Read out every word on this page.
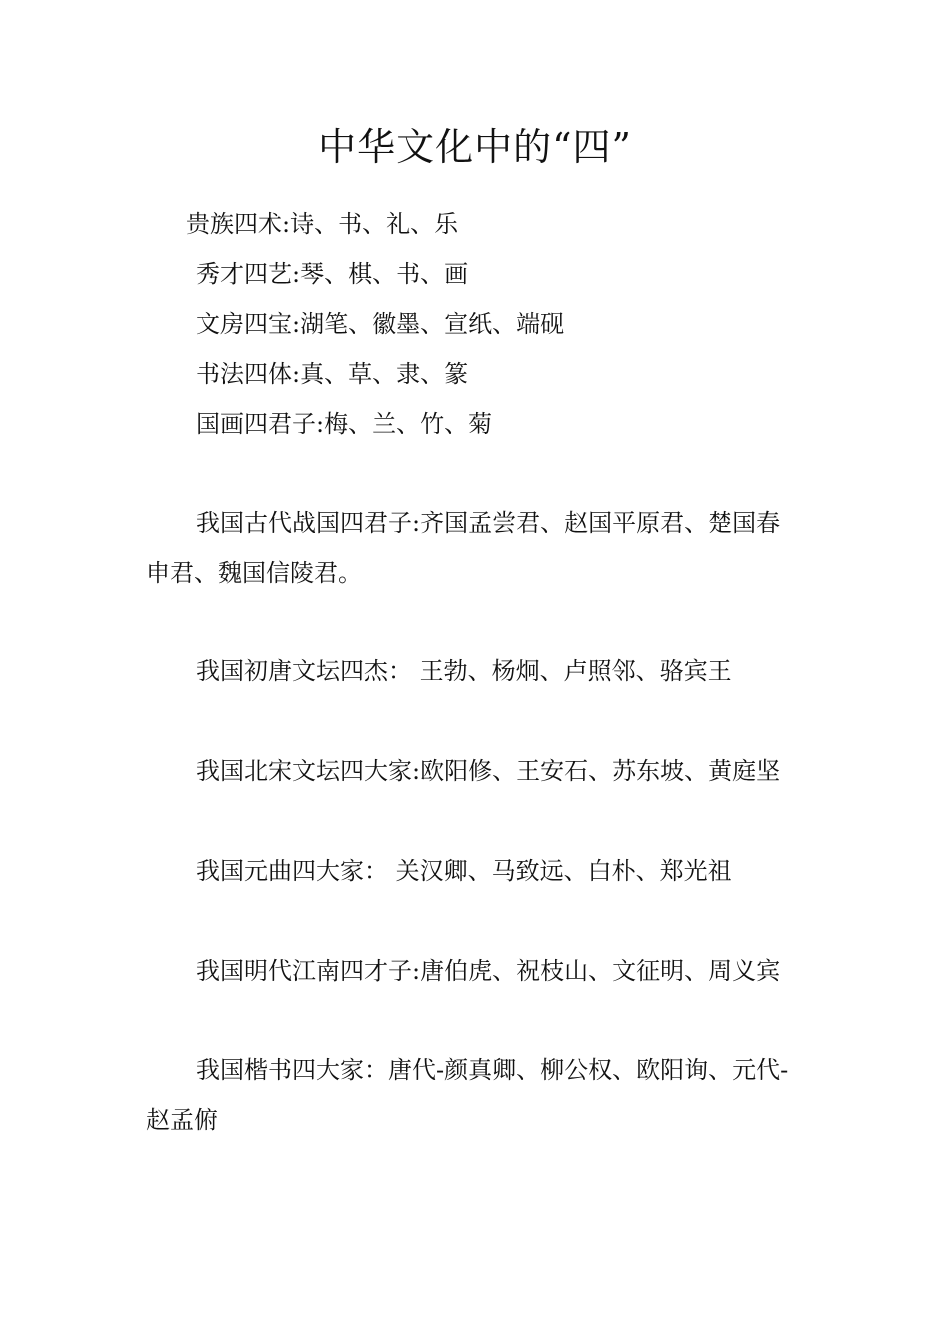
中华文化中的“四”
贵族四术:诗、书、礼、乐
秀才四艺:琴、棋、书、画
文房四宝:湖笔、徽墨、宣纸、端砚
书法四体:真、草、隶、篆
国画四君子:梅、兰、竹、菊
我国古代战国四君子:齐国孟尝君、赵国平原君、楚国春
申君、魏国信陵君。
我国初唐文坛四杰： 王勃、杨炯、卢照邻、骆宾王
我国北宋文坛四大家:欧阳修、王安石、苏东坡、黄庭坚
我国元曲四大家： 关汉卿、马致远、白朴、郑光祖
我国明代江南四才子:唐伯虎、祝枝山、文征明、周义宾
我国楷书四大家：唐代-颜真卿、柳公权、欧阳询、元代-
赵孟俯
